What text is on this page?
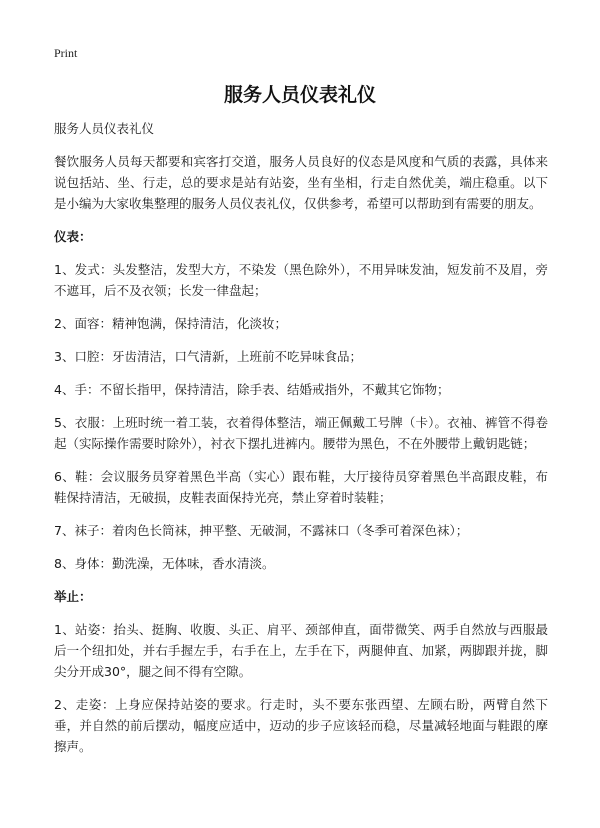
Print
服务人员仪表礼仪

服务人员仪表礼仪

餐饮服务人员每天都要和宾客打交道，服务人员良好的仪态是风度和气质的表露，具体来说包括站、坐、行走，总的要求是站有站姿，坐有坐相，行走自然优美，端庄稳重。以下是小编为大家收集整理的服务人员仪表礼仪，仅供参考，希望可以帮助到有需要的朋友。

仪表：

1、发式：头发整洁，发型大方，不染发（黑色除外），不用异味发油，短发前不及眉，旁不遮耳，后不及衣领；长发一律盘起；

2、面容：精神饱满，保持清洁，化淡妆；

3、口腔：牙齿清洁，口气清新，上班前不吃异味食品；

4、手：不留长指甲，保持清洁，除手表、结婚戒指外，不戴其它饰物；

5、衣服：上班时统一着工装，衣着得体整洁，端正佩戴工号牌（卡）。衣袖、裤管不得卷起（实际操作需要时除外），衬衣下摆扎进裤内。腰带为黑色，不在外腰带上戴钥匙链；

6、鞋：会议服务员穿着黑色半高（实心）跟布鞋，大厅接待员穿着黑色半高跟皮鞋，布鞋保持清洁，无破损，皮鞋表面保持光亮，禁止穿着时装鞋；

7、袜子：着肉色长筒袜，抻平整、无破洞，不露袜口（冬季可着深色袜）；

8、身体：勤洗澡，无体味，香水清淡。

举止：

1、站姿：抬头、挺胸、收腹、头正、肩平、颈部伸直，面带微笑、两手自然放与西服最后一个纽扣处，并右手握左手，右手在上，左手在下，两腿伸直、加紧，两脚跟并拢，脚尖分开成30°，腿之间不得有空隙。

2、走姿：上身应保持站姿的要求。行走时，头不要东张西望、左顾右盼，两臂自然下垂，并自然的前后摆动，幅度应适中，迈动的步子应该轻而稳，尽量减轻地面与鞋跟的摩擦声。
